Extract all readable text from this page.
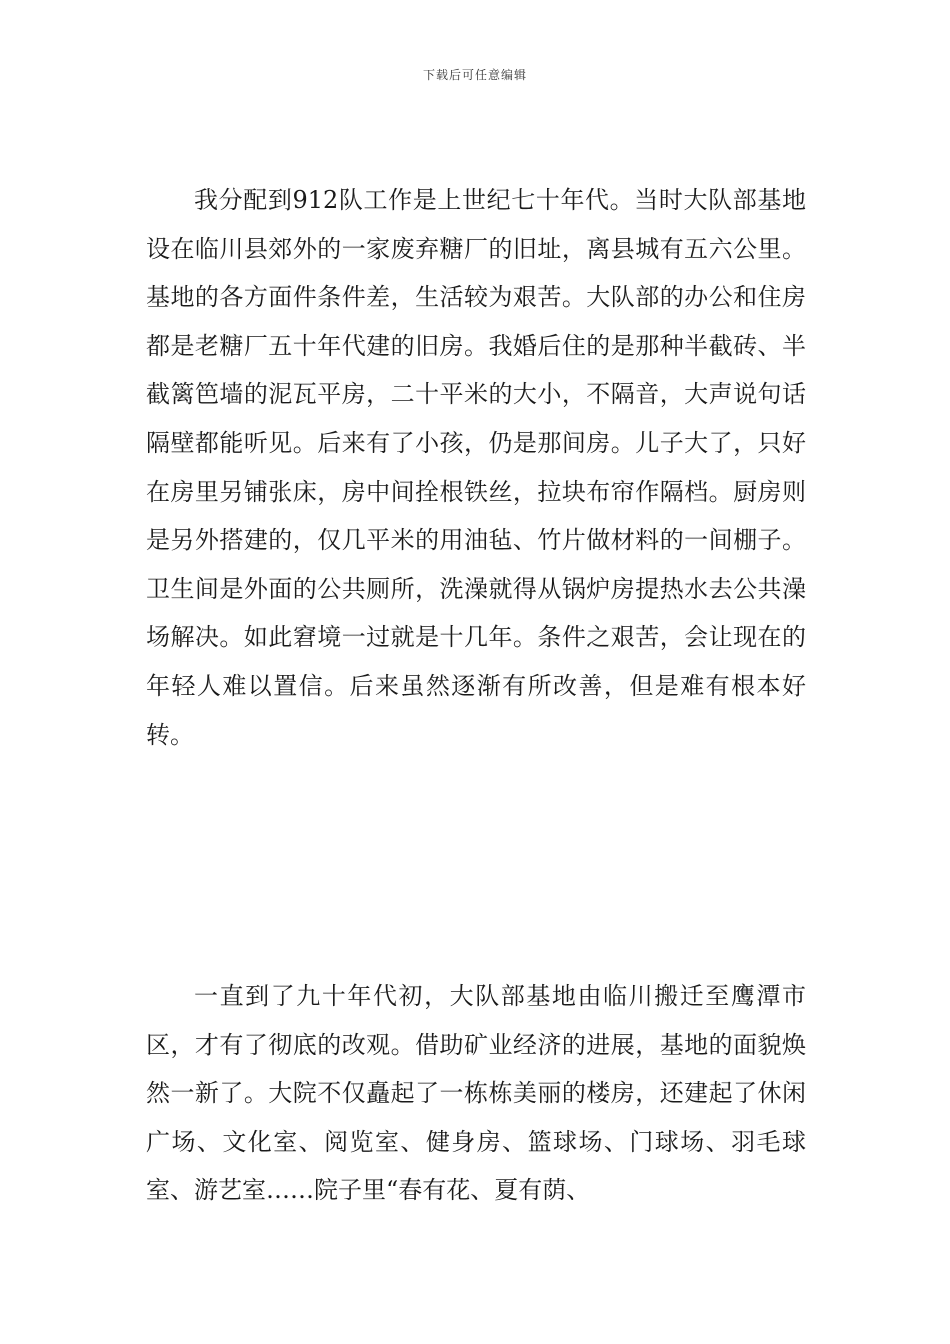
下载后可任意编辑

我分配到912队工作是上世纪七十年代。当时大队部基地设在临川县郊外的一家废弃糖厂的旧址，离县城有五六公里。基地的各方面件条件差，生活较为艰苦。大队部的办公和住房都是老糖厂五十年代建的旧房。我婚后住的是那种半截砖、半截篱笆墙的泥瓦平房，二十平米的大小，不隔音，大声说句话隔壁都能听见。后来有了小孩，仍是那间房。儿子大了，只好在房里另铺张床，房中间拴根铁丝，拉块布帘作隔档。厨房则是另外搭建的，仅几平米的用油毡、竹片做材料的一间棚子。卫生间是外面的公共厕所，洗澡就得从锅炉房提热水去公共澡场解决。如此窘境一过就是十几年。条件之艰苦，会让现在的年轻人难以置信。后来虽然逐渐有所改善，但是难有根本好转。

一直到了九十年代初，大队部基地由临川搬迁至鹰潭市区，才有了彻底的改观。借助矿业经济的进展，基地的面貌焕然一新了。大院不仅矗起了一栋栋美丽的楼房，还建起了休闲广场、文化室、阅览室、健身房、篮球场、门球场、羽毛球室、游艺室……院子里“春有花、夏有荫、
